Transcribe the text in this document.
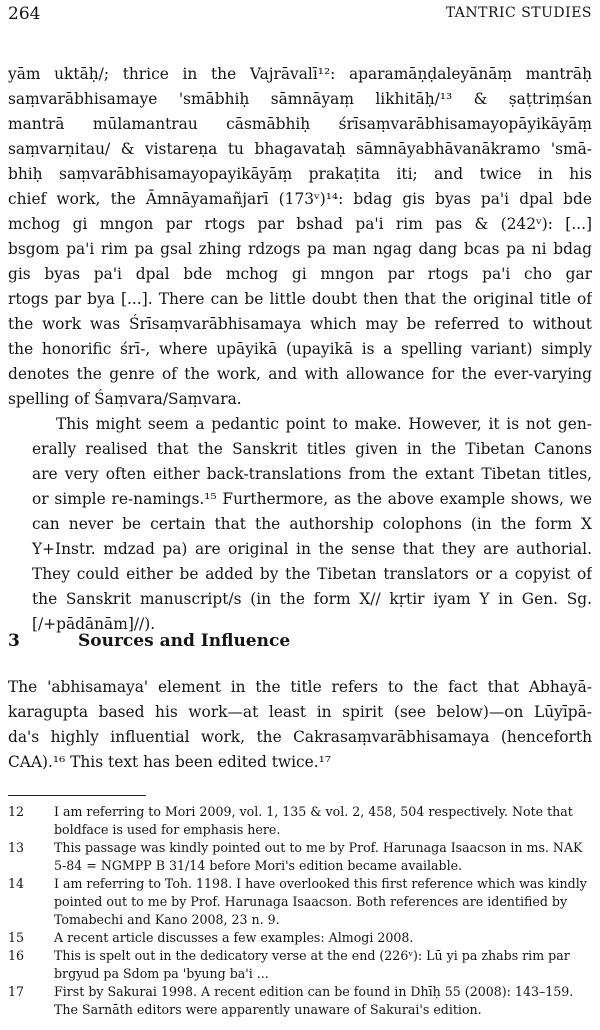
264	TANTRIC STUDIES

yām uktāḥ/; thrice in the Vajrāvalī¹²: aparamāṇḍaleyānāṃ mantrāḥ
saṃvarābhisamaye 'smābhiḥ sāmnāyaṃ likhitāḥ/¹³ & ṣaṭtriṃśan
mantrā mūlamantrau cāsmābhiḥ śrīsaṃvarābhisamayopāyikāyāṃ
saṃvarṇitau/ & vistareṇa tu bhagavataḥ sāmnāyabhāvanākramo 'smā-
bhiḥ saṃvarābhisamayopayikāyāṃ prakaṭita iti; and twice in his
chief work, the Āmnāyamañjarī (173ᵛ)¹⁴: bdag gis byas pa'i dpal bde
mchog gi mngon par rtogs par bshad pa'i rim pas & (242ᵛ): [...]
bsgom pa'i rim pa gsal zhing rdzogs pa man ngag dang bcas pa ni bdag
gis byas pa'i dpal bde mchog gi mngon par rtogs pa'i cho gar
rtogs par bya [...]. There can be little doubt then that the original title of
the work was Śrīsaṃvarābhisamaya which may be referred to without
the honorific śrī-, where upāyikā (upayikā is a spelling variant) simply
denotes the genre of the work, and with allowance for the ever-varying
spelling of Śaṃvara/Saṃvara.

This might seem a pedantic point to make. However, it is not gen-
erally realised that the Sanskrit titles given in the Tibetan Canons
are very often either back-translations from the extant Tibetan titles,
or simple re-namings.¹⁵ Furthermore, as the above example shows, we
can never be certain that the authorship colophons (in the form X
Y+Instr. mdzad pa) are original in the sense that they are authorial.
They could either be added by the Tibetan translators or a copyist of
the Sanskrit manuscript/s (in the form X// kṛtir iyam Y in Gen. Sg.
[/+pādānām]//).

3	Sources and Influence

The 'abhisamaya' element in the title refers to the fact that Abhayā-
karagupta based his work—at least in spirit (see below)—on Lūyīpā-
da's highly influential work, the Cakrasaṃvarābhisamaya (henceforth
CAA).¹⁶ This text has been edited twice.¹⁷

12	I am referring to Mori 2009, vol. 1, 135 & vol. 2, 458, 504 respectively. Note that boldface is used for emphasis here.
13	This passage was kindly pointed out to me by Prof. Harunaga Isaacson in ms. NAK 5-84 = NGMPP B 31/14 before Mori's edition became available.
14	I am referring to Toh. 1198. I have overlooked this first reference which was kindly pointed out to me by Prof. Harunaga Isaacson. Both references are identified by Tomabechi and Kano 2008, 23 n. 9.
15	A recent article discusses a few examples: Almogi 2008.
16	This is spelt out in the dedicatory verse at the end (226ᵛ): Lū yi pa zhabs rim par brgyud pa Sdom pa 'byung ba'i ...
17	First by Sakurai 1998. A recent edition can be found in Dhīḥ 55 (2008): 143–159. The Sarnāth editors were apparently unaware of Sakurai's edition.
